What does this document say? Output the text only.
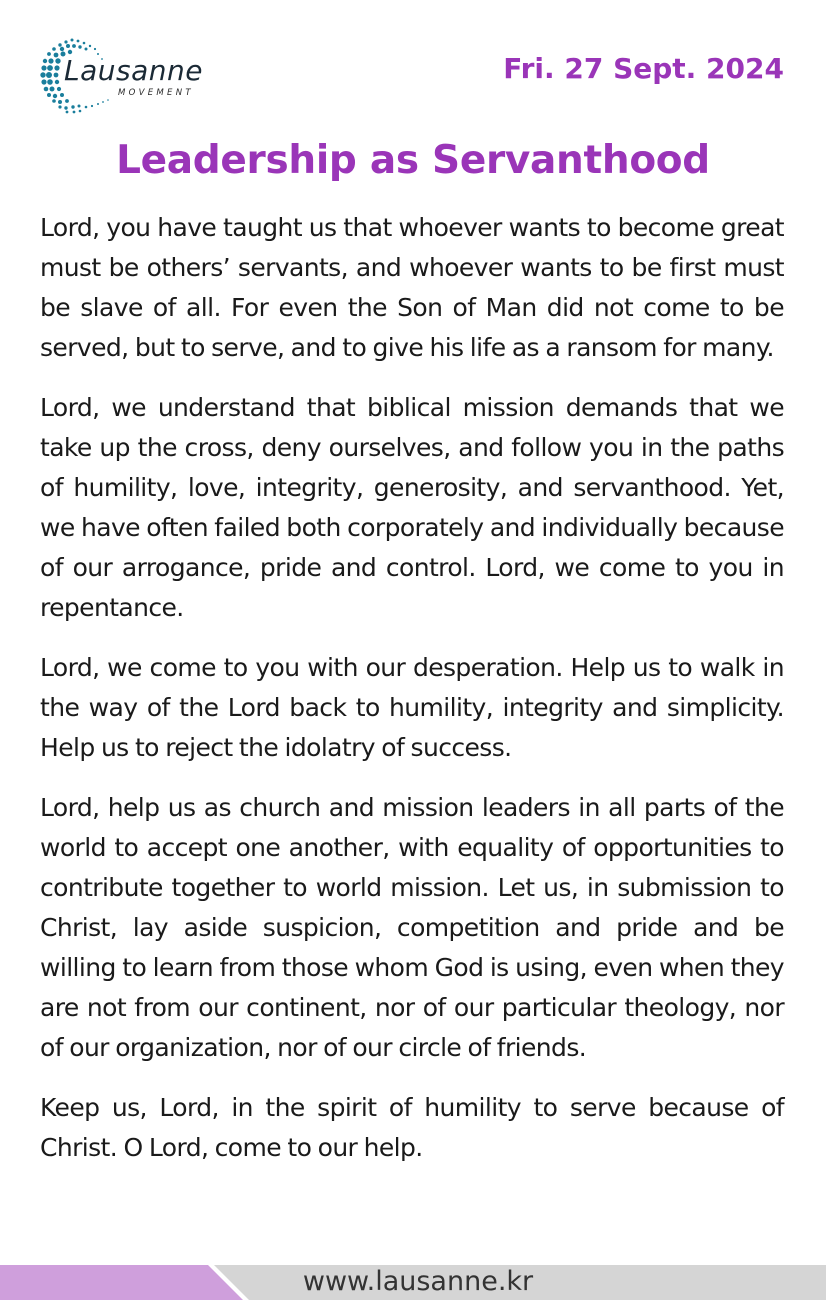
Lausanne
MOVEMENT
Fri. 27 Sept. 2024
Leadership as Servanthood

Lord, you have taught us that whoever wants to become great must be others’ servants, and whoever wants to be first must be slave of all. For even the Son of Man did not come to be served, but to serve, and to give his life as a ransom for many.

Lord, we understand that biblical mission demands that we take up the cross, deny ourselves, and follow you in the paths of humility, love, integrity, generosity, and servanthood. Yet, we have often failed both corporately and individually because of our arrogance, pride and control. Lord, we come to you in repentance.

Lord, we come to you with our desperation. Help us to walk in the way of the Lord back to humility, integrity and simplicity. Help us to reject the idolatry of success.

Lord, help us as church and mission leaders in all parts of the world to accept one another, with equality of opportunities to contribute together to world mission. Let us, in submission to Christ, lay aside suspicion, competition and pride and be willing to learn from those whom God is using, even when they are not from our continent, nor of our particular theology, nor of our organization, nor of our circle of friends.

Keep us, Lord, in the spirit of humility to serve because of Christ. O Lord, come to our help.

www.lausanne.kr
